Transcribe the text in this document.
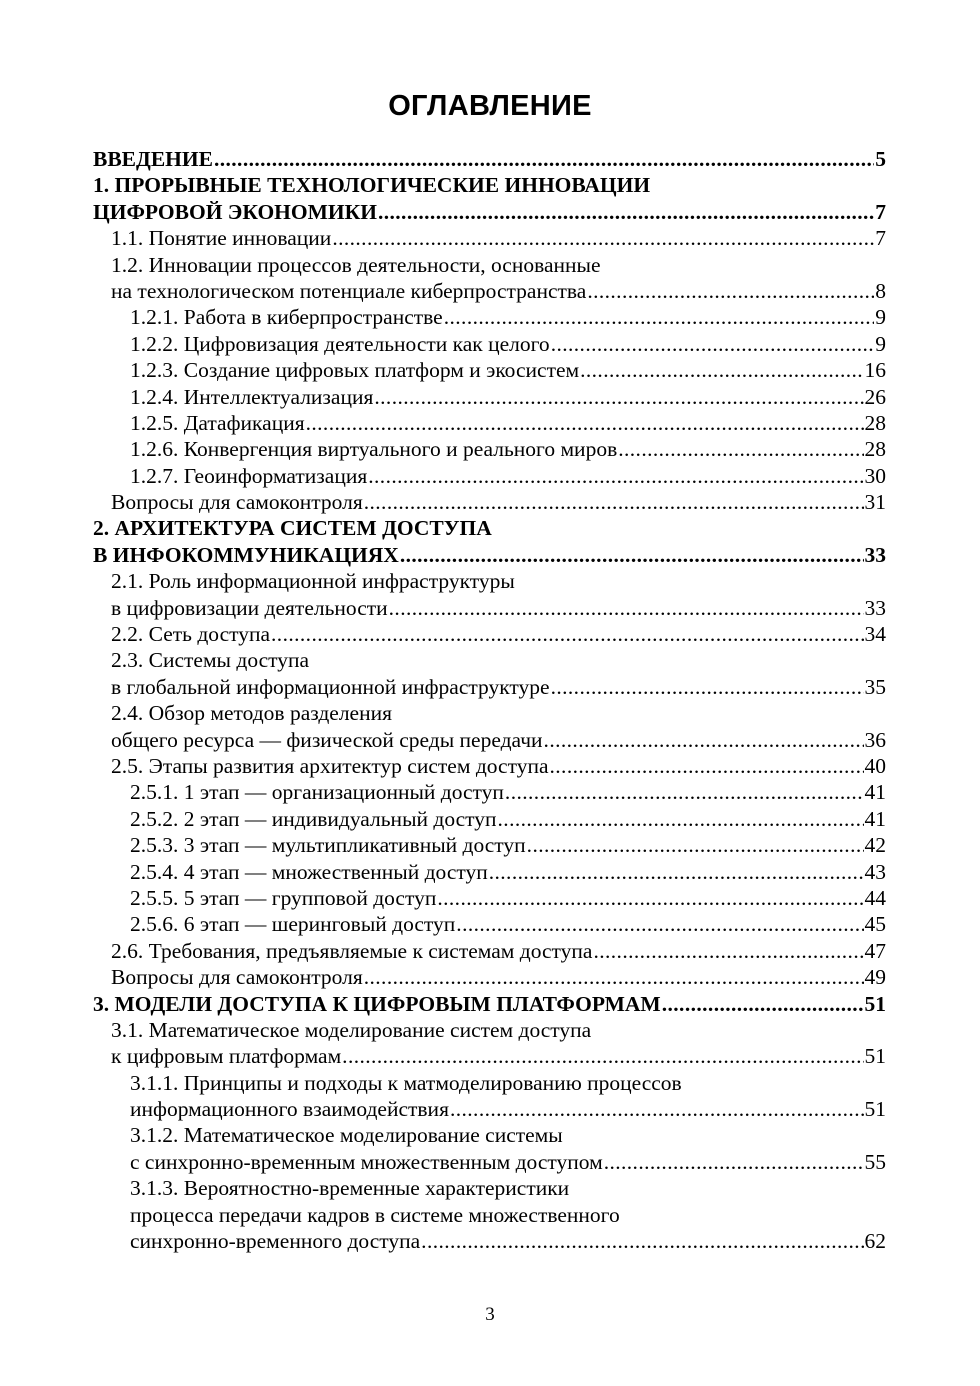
ОГЛАВЛЕНИЕ
ВВЕДЕНИЕ .....	5
1. ПРОРЫВНЫЕ ТЕХНОЛОГИЧЕСКИЕ ИННОВАЦИИ
ЦИФРОВОЙ ЭКОНОМИКИ .....	7
1.1. Понятие инновации .....	7
1.2. Инновации процессов деятельности, основанные
на технологическом потенциале киберпространства .....	8
1.2.1. Работа в киберпространстве .....	9
1.2.2. Цифровизация деятельности как целого .....	9
1.2.3. Создание цифровых платформ и экосистем .....	16
1.2.4. Интеллектуализация .....	26
1.2.5. Датафикация .....	28
1.2.6. Конвергенция виртуального и реального миров .....	28
1.2.7. Геоинформатизация .....	30
Вопросы для самоконтроля .....	31
2. АРХИТЕКТУРА СИСТЕМ ДОСТУПА
В ИНФОКОММУНИКАЦИЯХ .....	33
2.1. Роль информационной инфраструктуры
в цифровизации деятельности .....	33
2.2. Сеть доступа .....	34
2.3. Системы доступа
в глобальной информационной инфраструктуре .....	35
2.4. Обзор методов разделения
общего ресурса — физической среды передачи .....	36
2.5. Этапы развития архитектур систем доступа .....	40
2.5.1. 1 этап — организационный доступ .....	41
2.5.2. 2 этап — индивидуальный доступ .....	41
2.5.3. 3 этап — мультипликативный доступ .....	42
2.5.4. 4 этап — множественный доступ .....	43
2.5.5. 5 этап — групповой доступ .....	44
2.5.6. 6 этап — шеринговый доступ .....	45
2.6. Требования, предъявляемые к системам доступа .....	47
Вопросы для самоконтроля .....	49
3. МОДЕЛИ ДОСТУПА К ЦИФРОВЫМ ПЛАТФОРМАМ .....	51
3.1. Математическое моделирование систем доступа
к цифровым платформам .....	51
3.1.1. Принципы и подходы к матмоделированию процессов
информационного взаимодействия .....	51
3.1.2. Математическое моделирование системы
с синхронно-временным множественным доступом .....	55
3.1.3. Вероятностно-временные характеристики
процесса передачи кадров в системе множественного
синхронно-временного доступа .....	62
3
